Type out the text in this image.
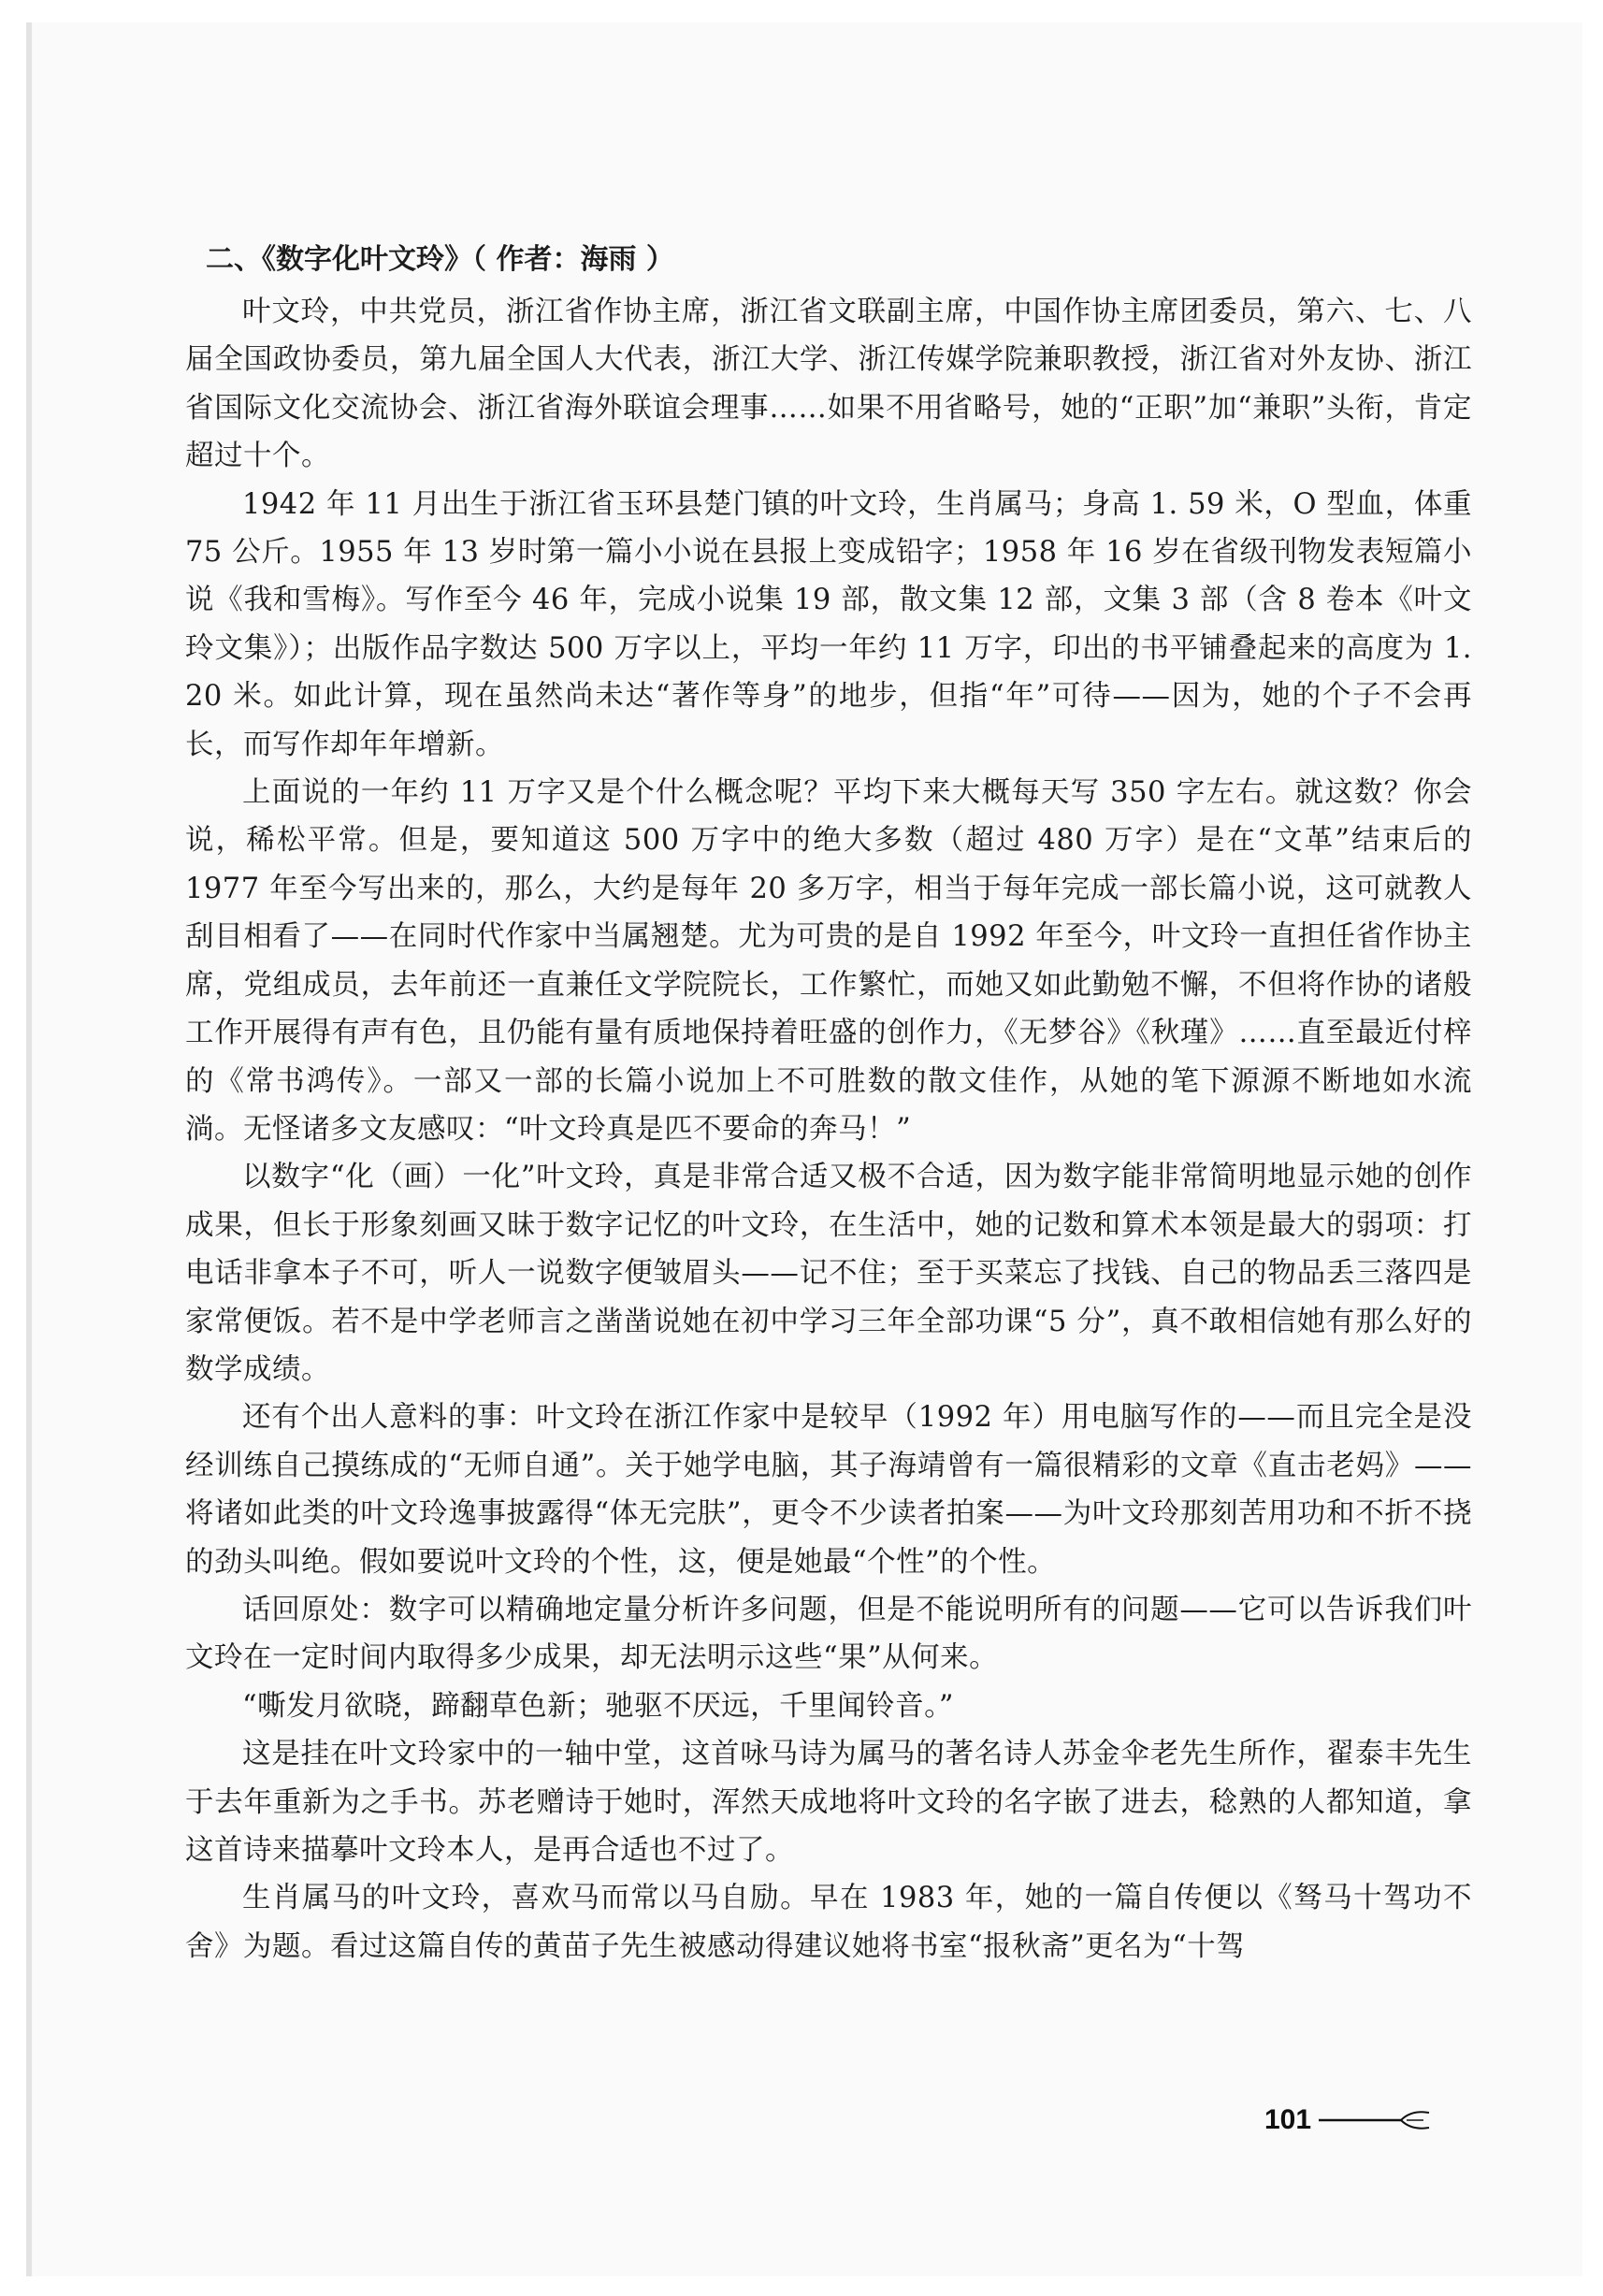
二、《数字化叶文玲》（ 作者：海雨 ）

叶文玲，中共党员，浙江省作协主席，浙江省文联副主席，中国作协主席团委员，第六、七、八届全国政协委员，第九届全国人大代表，浙江大学、浙江传媒学院兼职教授，浙江省对外友协、浙江省国际文化交流协会、浙江省海外联谊会理事……如果不用省略号，她的“正职”加“兼职”头衔，肯定超过十个。

1942 年 11 月出生于浙江省玉环县楚门镇的叶文玲，生肖属马；身高 1. 59 米，O 型血，体重 75 公斤。1955 年 13 岁时第一篇小小说在县报上变成铅字；1958 年 16 岁在省级刊物发表短篇小说《我和雪梅》。写作至今 46 年，完成小说集 19 部，散文集 12 部，文集 3 部（含 8 卷本《叶文玲文集》）；出版作品字数达 500 万字以上，平均一年约 11 万字，印出的书平铺叠起来的高度为 1. 20 米。如此计算，现在虽然尚未达“著作等身”的地步，但指“年”可待——因为，她的个子不会再长，而写作却年年增新。

上面说的一年约 11 万字又是个什么概念呢？平均下来大概每天写 350 字左右。就这数？你会说，稀松平常。但是，要知道这 500 万字中的绝大多数（超过 480 万字）是在“文革”结束后的 1977 年至今写出来的，那么，大约是每年 20 多万字，相当于每年完成一部长篇小说，这可就教人刮目相看了——在同时代作家中当属翘楚。尤为可贵的是自 1992 年至今，叶文玲一直担任省作协主席，党组成员，去年前还一直兼任文学院院长，工作繁忙，而她又如此勤勉不懈，不但将作协的诸般工作开展得有声有色，且仍能有量有质地保持着旺盛的创作力，《无梦谷》《秋瑾》……直至最近付梓的《常书鸿传》。一部又一部的长篇小说加上不可胜数的散文佳作，从她的笔下源源不断地如水流淌。无怪诸多文友感叹：“叶文玲真是匹不要命的奔马！”

以数字“化（画）一化”叶文玲，真是非常合适又极不合适，因为数字能非常简明地显示她的创作成果，但长于形象刻画又昧于数字记忆的叶文玲，在生活中，她的记数和算术本领是最大的弱项：打电话非拿本子不可，听人一说数字便皱眉头——记不住；至于买菜忘了找钱、自己的物品丢三落四是家常便饭。若不是中学老师言之凿凿说她在初中学习三年全部功课“5 分”，真不敢相信她有那么好的数学成绩。

还有个出人意料的事：叶文玲在浙江作家中是较早（1992 年）用电脑写作的——而且完全是没经训练自己摸练成的“无师自通”。关于她学电脑，其子海靖曾有一篇很精彩的文章《直击老妈》——将诸如此类的叶文玲逸事披露得“体无完肤”，更令不少读者拍案——为叶文玲那刻苦用功和不折不挠的劲头叫绝。假如要说叶文玲的个性，这，便是她最“个性”的个性。

话回原处：数字可以精确地定量分析许多问题，但是不能说明所有的问题——它可以告诉我们叶文玲在一定时间内取得多少成果，却无法明示这些“果”从何来。

“嘶发月欲晓，蹄翻草色新；驰驱不厌远，千里闻铃音。”

这是挂在叶文玲家中的一轴中堂，这首咏马诗为属马的著名诗人苏金伞老先生所作，翟泰丰先生于去年重新为之手书。苏老赠诗于她时，浑然天成地将叶文玲的名字嵌了进去，稔熟的人都知道，拿这首诗来描摹叶文玲本人，是再合适也不过了。

生肖属马的叶文玲，喜欢马而常以马自励。早在 1983 年，她的一篇自传便以《驽马十驾功不舍》为题。看过这篇自传的黄苗子先生被感动得建议她将书室“报秋斋”更名为“十驾

101
